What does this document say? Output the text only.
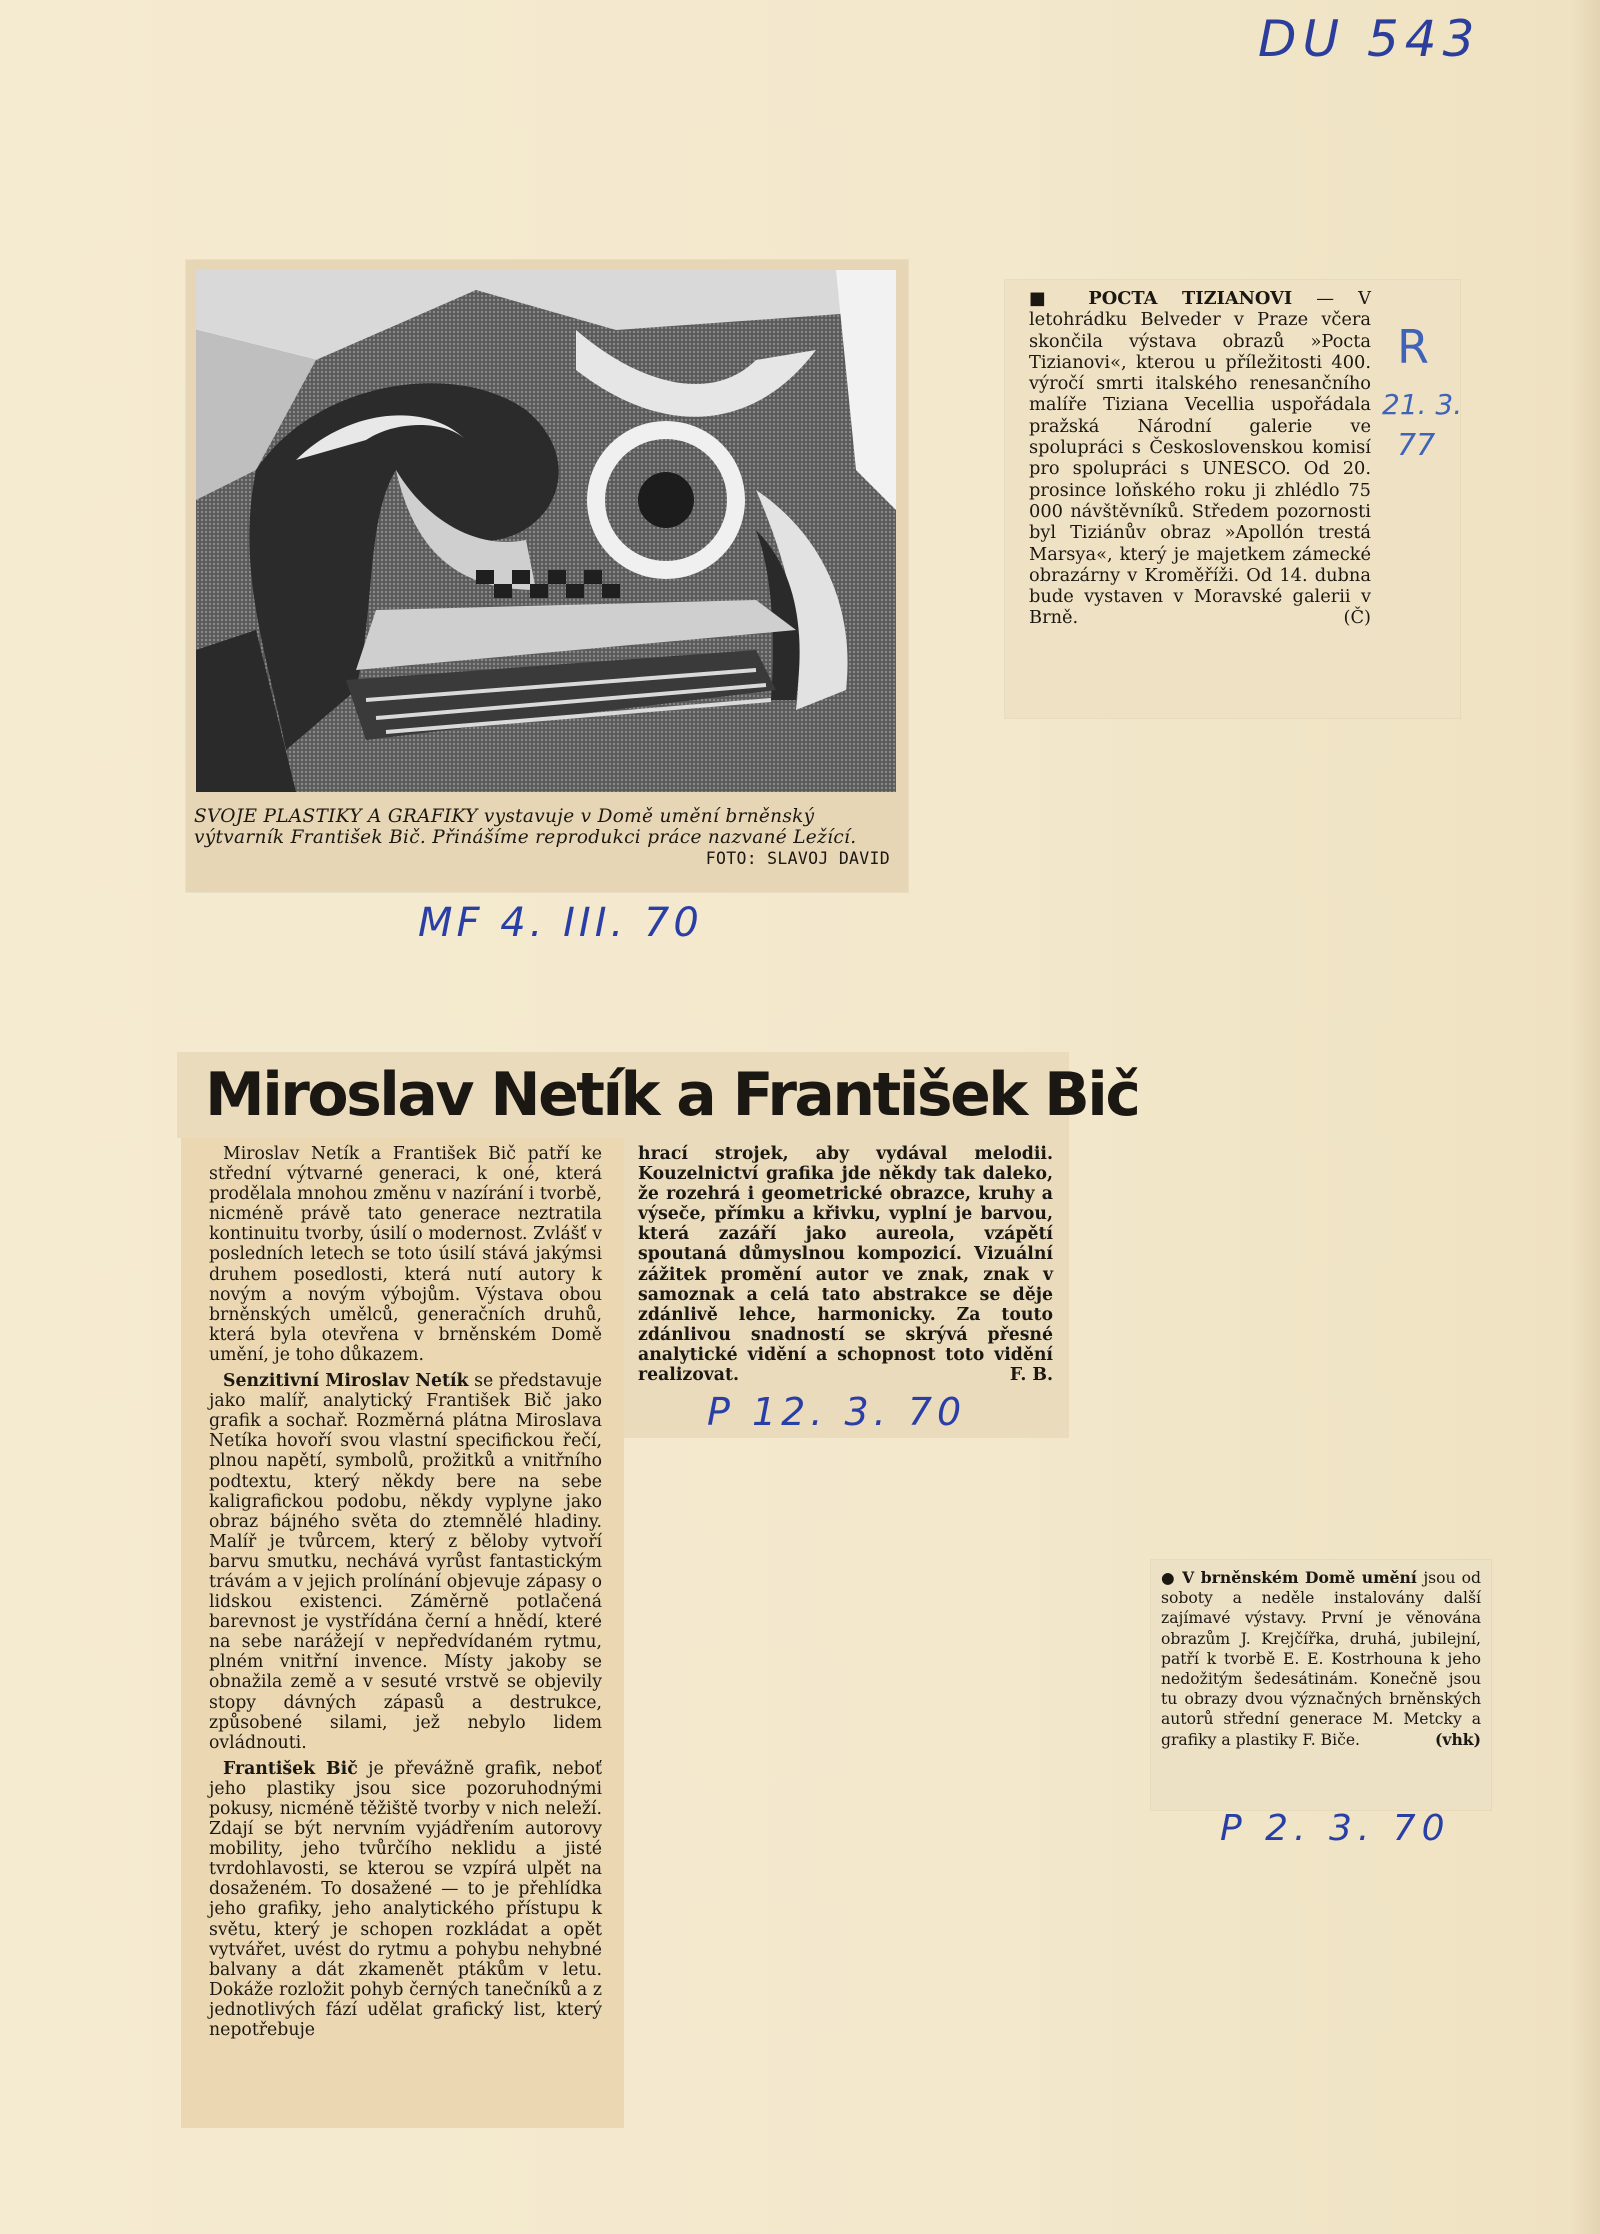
DU 543
SVOJE PLASTIKY A GRAFIKY vystavuje v Domě umění brněnský výtvarník František Bič. Přinášíme reprodukci práce nazvané Ležící.
FOTO: SLAVOJ DAVID
MF 4. III. 70
■ POCTA TIZIANOVI — V letohrádku Belveder v Praze včera skončila výstava obrazů »Pocta Tizianovi«, kterou u příležitosti 400. výročí smrti italského renesančního malíře Tiziana Vecellia uspořádala pražská Národní galerie ve spolupráci s Československou komisí pro spolupráci s UNESCO. Od 20. prosince loňského roku ji zhlédlo 75 000 návštěvníků. Středem pozornosti byl Tiziánův obraz »Apollón trestá Marsya«, který je majetkem zámecké obrazárny v Kroměříži. Od 14. dubna bude vystaven v Moravské galerii v Brně.	(Č)
R
21. 3.
77
Miroslav Netík a František Bič

Miroslav Netík a František Bič patří ke střední výtvarné generaci, k oné, která prodělala mnohou změnu v nazírání i tvorbě, nicméně právě tato generace neztratila kontinuitu tvorby, úsilí o modernost. Zvlášť v posledních letech se toto úsilí stává jakýmsi druhem posedlosti, která nutí autory k novým a novým výbojům. Výstava obou brněnských umělců, generačních druhů, která byla otevřena v brněnském Domě umění, je toho důkazem.

Senzitivní Miroslav Netík se představuje jako malíř, analytický František Bič jako grafik a sochař. Rozměrná plátna Miroslava Netíka hovoří svou vlastní specifickou řečí, plnou napětí, symbolů, prožitků a vnitřního podtextu, který někdy bere na sebe kaligrafickou podobu, někdy vyplyne jako obraz bájného světa do ztemnělé hladiny. Malíř je tvůrcem, který z běloby vytvoří barvu smutku, nechává vyrůst fantastickým trávám a v jejich prolínání objevuje zápasy o lidskou existenci. Záměrně potlačená barevnost je vystřídána černí a hnědí, které na sebe narážejí v nepředvídaném rytmu, plném vnitřní invence. Místy jakoby se obnažila země a v sesuté vrstvě se objevily stopy dávných zápasů a destrukce, způsobené silami, jež nebylo lidem ovládnouti.

František Bič je převážně grafik, neboť jeho plastiky jsou sice pozoruhodnými pokusy, nicméně těžiště tvorby v nich neleží. Zdají se být nervním vyjádřením autorovy mobility, jeho tvůrčího neklidu a jisté tvrdohlavosti, se kterou se vzpírá ulpět na dosaženém. To dosažené — to je přehlídka jeho grafiky, jeho analytického přístupu k světu, který je schopen rozkládat a opět vytvářet, uvést do rytmu a pohybu nehybné balvany a dát zkamenět ptákům v letu. Dokáže rozložit pohyb černých tanečníků a z jednotlivých fází udělat grafický list, který nepotřebuje

hrací strojek, aby vydával melodii. Kouzelnictví grafika jde někdy tak daleko, že rozehrá i geometrické obrazce, kruhy a výseče, přímku a křivku, vyplní je barvou, která zazáří jako aureola, vzápětí spoutaná důmyslnou kompozicí. Vizuální zážitek promění autor ve znak, znak v samoznak a celá tato abstrakce se děje zdánlivě lehce, harmonicky. Za touto zdánlivou snadností se skrývá přesné analytické vidění a schopnost toto vidění realizovat.	F. B.

P 12. 3. 70
● V brněnském Domě umění jsou od soboty a neděle instalovány další zajímavé výstavy. První je věnována obrazům J. Krejčířka, druhá, jubilejní, patří k tvorbě E. E. Kostrhouna k jeho nedožitým šedesátinám. Konečně jsou tu obrazy dvou význačných brněnských autorů střední generace M. Metcky a grafiky a plastiky F. Biče.	(vhk)
P 2. 3. 70
